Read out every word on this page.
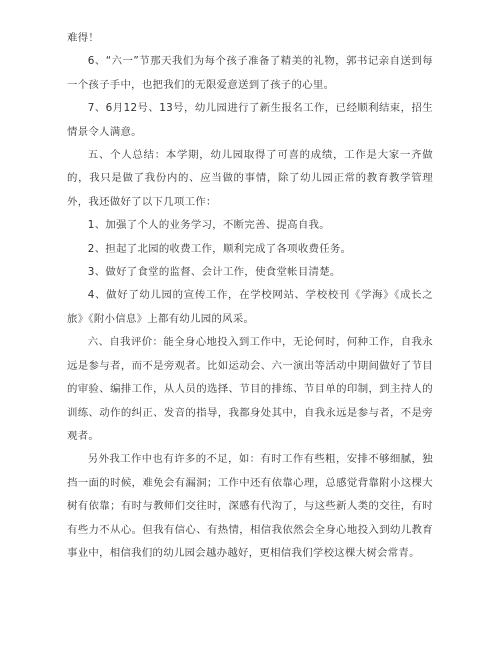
难得！

6、“六一”节那天我们为每个孩子准备了精美的礼物，郭书记亲自送到每一个孩子手中，也把我们的无限爱意送到了孩子的心里。

7、6月12号、13号，幼儿园进行了新生报名工作，已经顺利结束，招生情景令人满意。

五、个人总结：本学期，幼儿园取得了可喜的成绩，工作是大家一齐做的，我只是做了我份内的、应当做的事情，除了幼儿园正常的教育教学管理外，我还做好了以下几项工作：

1、加强了个人的业务学习，不断完善、提高自我。

2、担起了北园的收费工作，顺利完成了各项收费任务。

3、做好了食堂的监督、会计工作，使食堂帐目清楚。

4、做好了幼儿园的宣传工作，在学校网站、学校校刊《学海》《成长之旅》《附小信息》上都有幼儿园的风采。

六、自我评价：能全身心地投入到工作中，无论何时，何种工作，自我永远是参与者，而不是旁观者。比如运动会、六一演出等活动中期间做好了节目的审验、编排工作，从人员的选择、节目的排练、节目单的印制，到主持人的训练、动作的纠正、发音的指导，我都身处其中，自我永远是参与者，不是旁观者。

另外我工作中也有许多的不足，如：有时工作有些粗，安排不够细腻，独挡一面的时候，难免会有漏洞；工作中还有依靠心理，总感觉背靠附小这棵大树有依靠；有时与教师们交往时，深感有代沟了，与这些新人类的交往，有时有些力不从心。但我有信心、有热情，相信我依然会全身心地投入到幼儿教育事业中，相信我们的幼儿园会越办越好，更相信我们学校这棵大树会常青。
